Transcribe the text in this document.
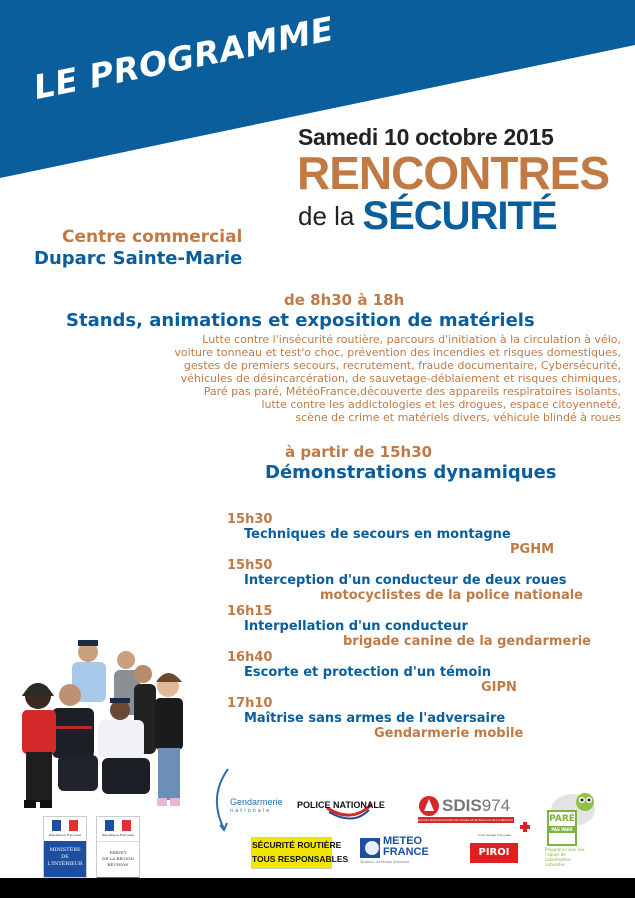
LE PROGRAMME
Samedi 10 octobre 2015
RENCONTRES
de la SÉCURITÉ
Centre commercial
Duparc Sainte-Marie
de 8h30 à 18h
Stands, animations et exposition de matériels
Lutte contre l'insécurité routière, parcours d'initiation à la circulation à vélo,
voiture tonneau et test'o choc, prévention des incendies et risques domestiques,
gestes de premiers secours, recrutement, fraude documentaire, Cybersécurité,
véhicules de désincarcération, de sauvetage-déblaiement et risques chimiques,
Paré pas paré, MétéoFrance,découverte des appareils respiratoires isolants,
lutte contre les addictologies et les drogues, espace citoyenneté,
scène de crime et matériels divers, véhicule blindé à roues
à partir de 15h30
Démonstrations dynamiques
15h30
Techniques de secours en montagne
PGHM
15h50
Interception d'un conducteur de deux roues
motocyclistes de la police nationale
16h15
Interpellation d'un conducteur
brigade canine de la gendarmerie
16h40
Escorte et protection d'un témoin
GIPN
17h10
Maîtrise sans armes de l'adversaire
Gendarmerie mobile
République Française
MINISTÈRE
DE
L'INTÉRIEUR
République Française
PRÉFET
DE LA RÉGION
RÉUNION
Gendarmerie
nationale
POLICE NATIONALE	SDIS974
Service Départemental d'Incendie et de Secours de La Réunion	PARÉ
PAS PARÉ
Préparons-nous aux risques de catastrophes naturelles
SÉCURITÉ ROUTIÈRE
TOUS RESPONSABLES
METEO
FRANCE
Toujours un temps d'avance
Croix-Rouge française
PIROI
